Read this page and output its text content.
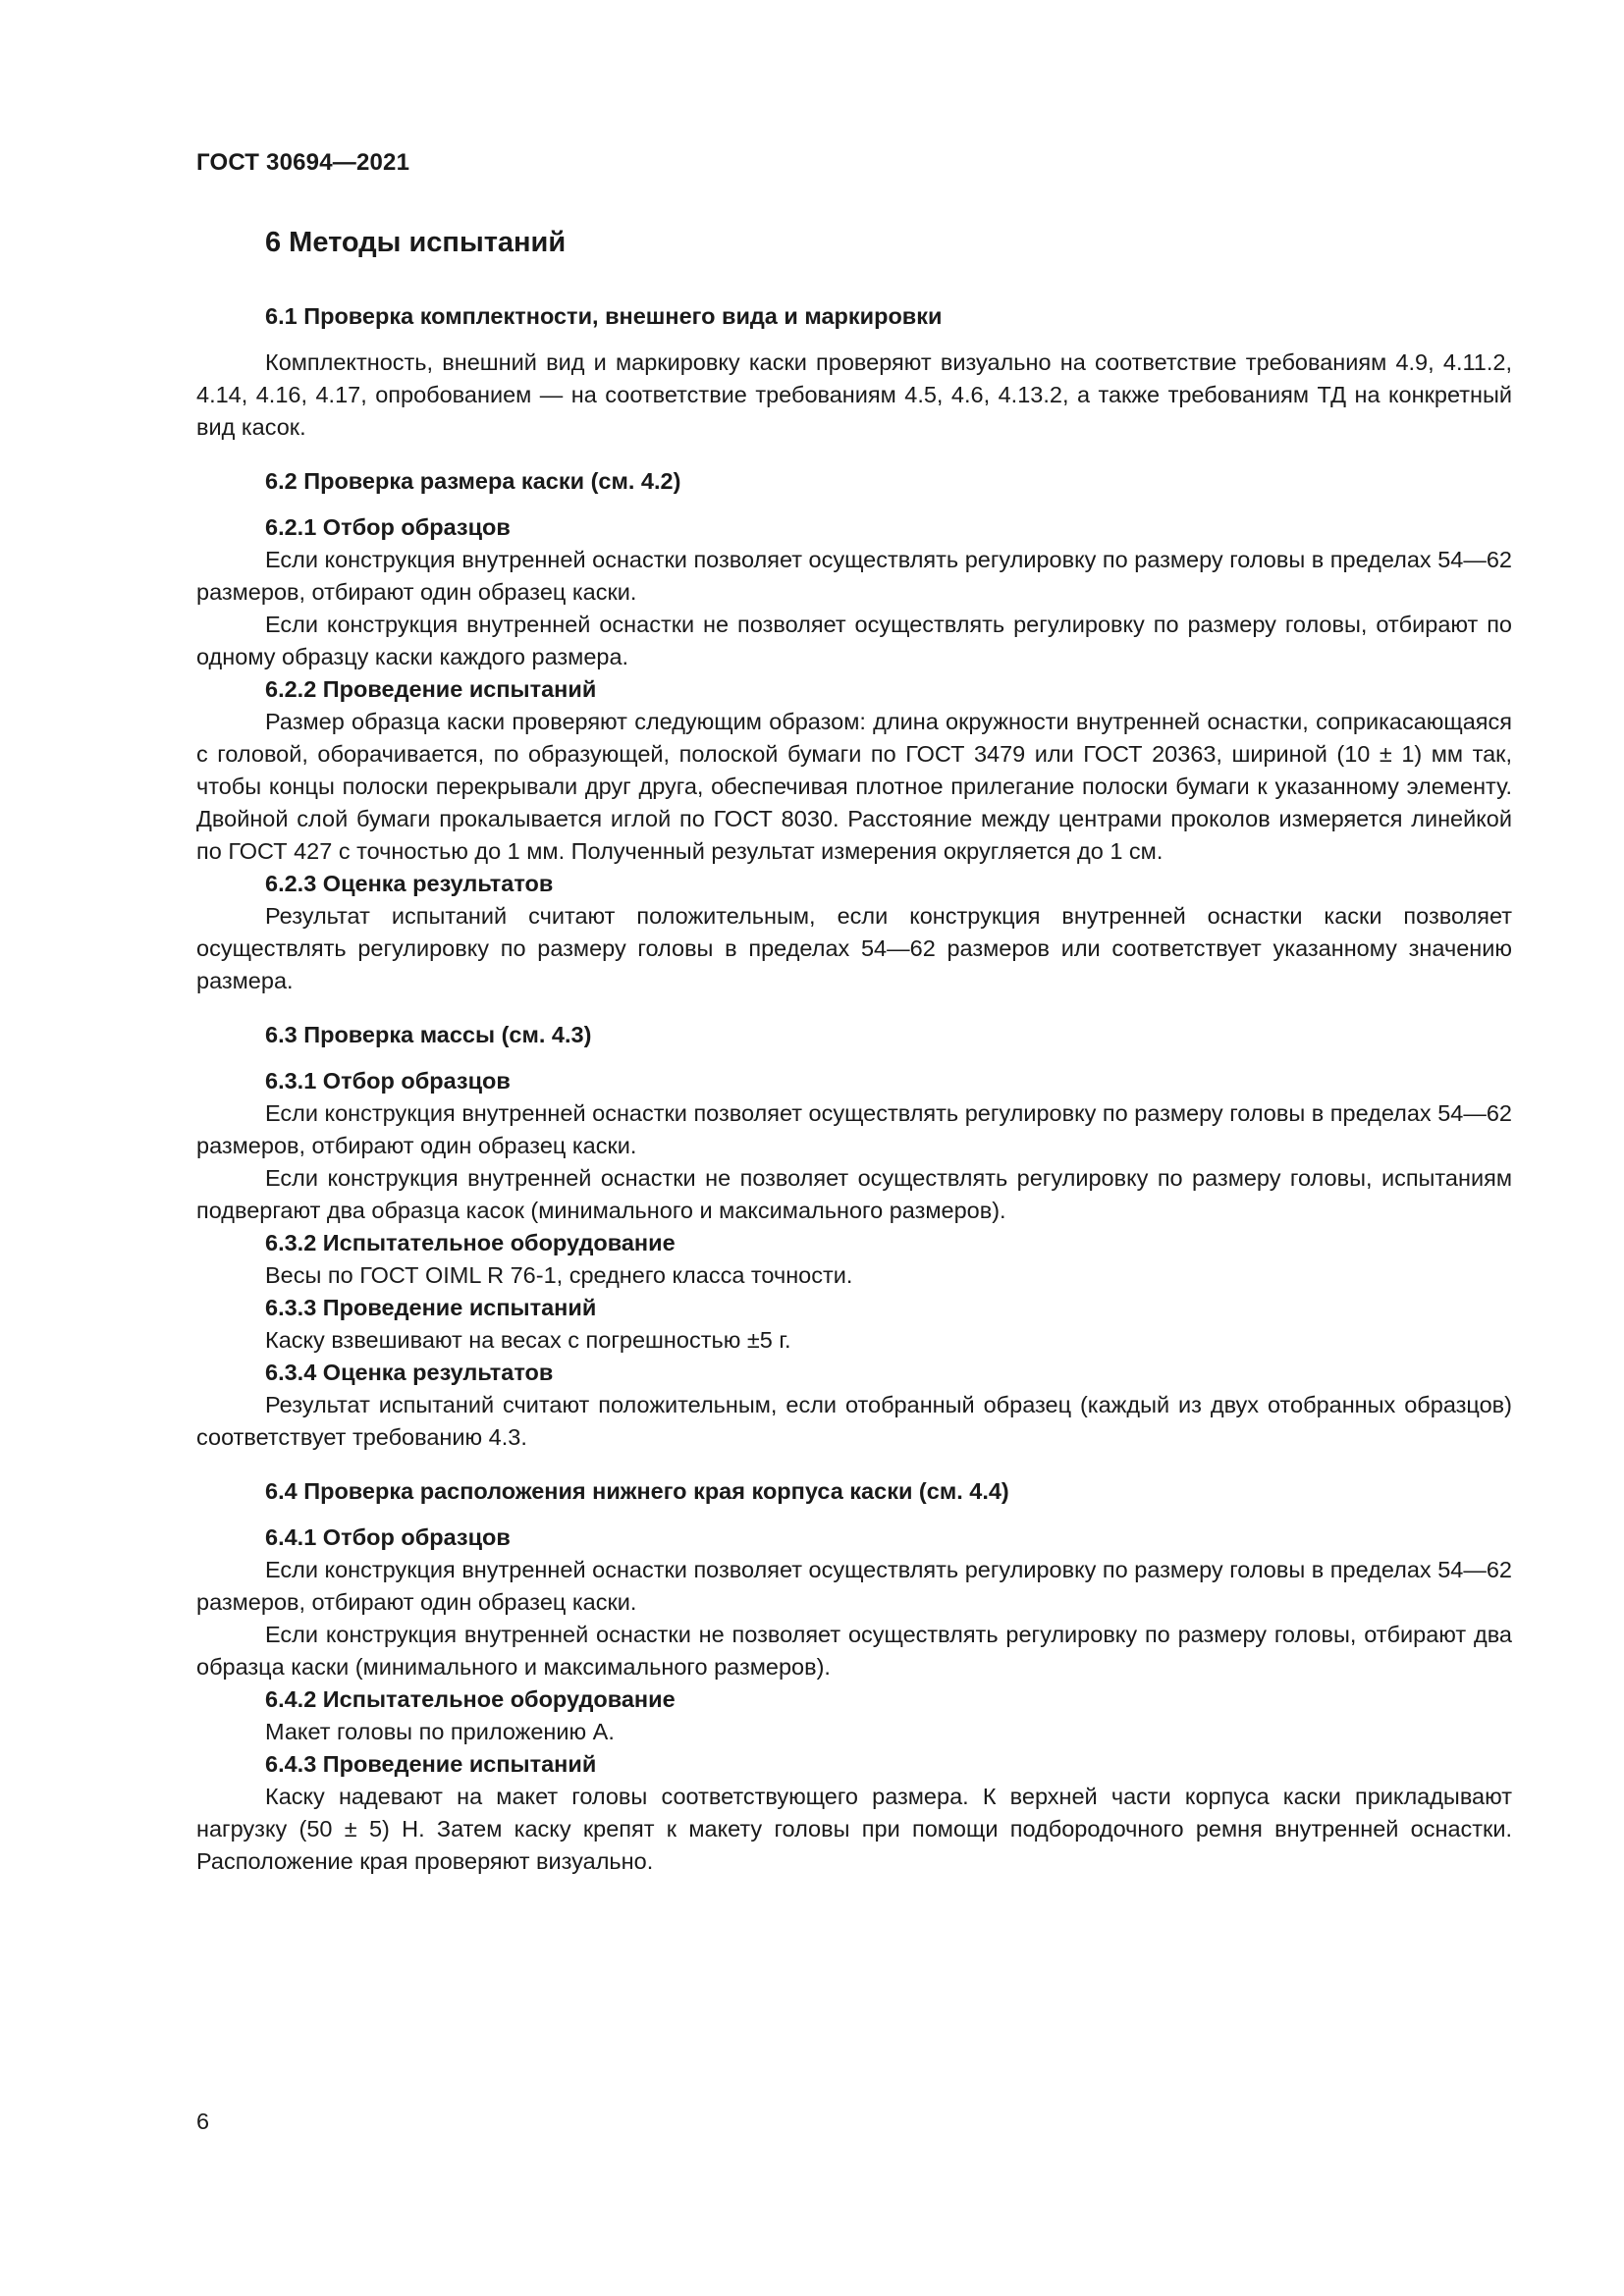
ГОСТ 30694—2021
6 Методы испытаний
6.1 Проверка комплектности, внешнего вида и маркировки

Комплектность, внешний вид и маркировку каски проверяют визуально на соответствие требованиям 4.9, 4.11.2, 4.14, 4.16, 4.17, опробованием — на соответствие требованиям 4.5, 4.6, 4.13.2, а также требованиям ТД на конкретный вид касок.

6.2 Проверка размера каски (см. 4.2)
6.2.1 Отбор образцов

Если конструкция внутренней оснастки позволяет осуществлять регулировку по размеру головы в пределах 54—62 размеров, отбирают один образец каски.

Если конструкция внутренней оснастки не позволяет осуществлять регулировку по размеру головы, отбирают по одному образцу каски каждого размера.

6.2.2 Проведение испытаний

Размер образца каски проверяют следующим образом: длина окружности внутренней оснастки, соприкасающаяся с головой, оборачивается, по образующей, полоской бумаги по ГОСТ 3479 или ГОСТ 20363, шириной (10 ± 1) мм так, чтобы концы полоски перекрывали друг друга, обеспечивая плотное прилегание полоски бумаги к указанному элементу. Двойной слой бумаги прокалывается иглой по ГОСТ 8030. Расстояние между центрами проколов измеряется линейкой по ГОСТ 427 с точностью до 1 мм. Полученный результат измерения округляется до 1 см.

6.2.3 Оценка результатов

Результат испытаний считают положительным, если конструкция внутренней оснастки каски позволяет осуществлять регулировку по размеру головы в пределах 54—62 размеров или соответствует указанному значению размера.

6.3 Проверка массы (см. 4.3)
6.3.1 Отбор образцов

Если конструкция внутренней оснастки позволяет осуществлять регулировку по размеру головы в пределах 54—62 размеров, отбирают один образец каски.

Если конструкция внутренней оснастки не позволяет осуществлять регулировку по размеру головы, испытаниям подвергают два образца касок (минимального и максимального размеров).

6.3.2 Испытательное оборудование

Весы по ГОСТ OIML R 76-1, среднего класса точности.

6.3.3 Проведение испытаний

Каску взвешивают на весах с погрешностью ±5 г.

6.3.4 Оценка результатов

Результат испытаний считают положительным, если отобранный образец (каждый из двух отобранных образцов) соответствует требованию 4.3.

6.4 Проверка расположения нижнего края корпуса каски (см. 4.4)
6.4.1 Отбор образцов

Если конструкция внутренней оснастки позволяет осуществлять регулировку по размеру головы в пределах 54—62 размеров, отбирают один образец каски.

Если конструкция внутренней оснастки не позволяет осуществлять регулировку по размеру головы, отбирают два образца каски (минимального и максимального размеров).

6.4.2 Испытательное оборудование

Макет головы по приложению А.

6.4.3 Проведение испытаний

Каску надевают на макет головы соответствующего размера. К верхней части корпуса каски прикладывают нагрузку (50 ± 5) Н. Затем каску крепят к макету головы при помощи подбородочного ремня внутренней оснастки. Расположение края проверяют визуально.

6
